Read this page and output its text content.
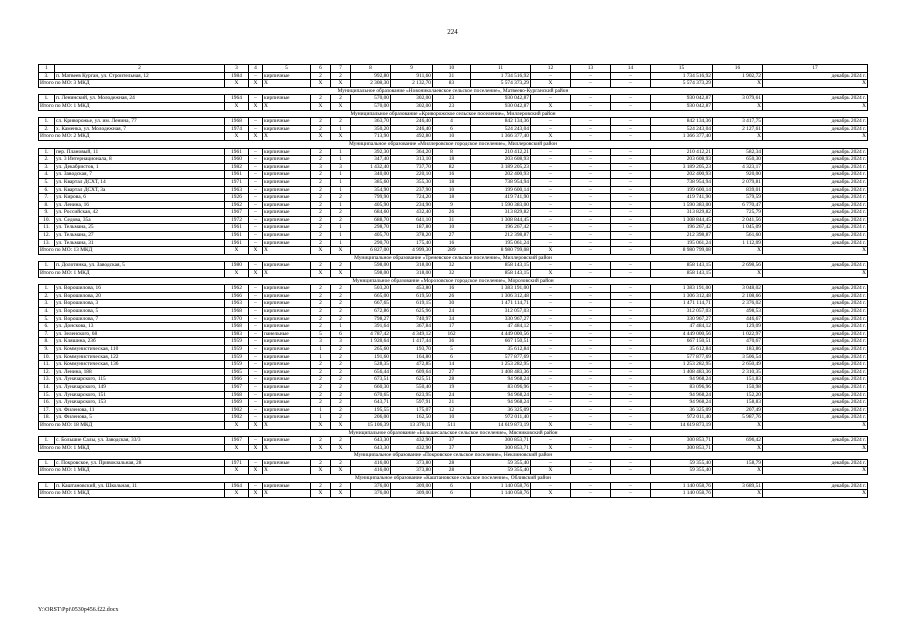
224
1	2	3	4	5	6	7	8	9	10	11	12	13	14	15	16	17
3.	п. Матвеев Курган, ул. Строительная, 12	1984	–	кирпичные	2	2	992,80	911,60	31	1 734 516,92	–	–	–	1 734 516,92	1 902,72	декабрь 2024 г.
Итого по МО: 3 МКД		X	X	X	X	X	2 308,30	2 132,70	83	5 574 373,29	X	–	–	5 574 373,29	X	X
Муниципальное образование «Новониколаевское сельское поселение», Матвеево-Курганский район																
1.	п. Ленинский, ул. Молодежная, 24	1964	–	кирпичные	2	2	570,00	302,00	23	930 042,87	–	–	–	930 042,87	3 079,61	декабрь 2024 г.
Итого по МО: 1 МКД		X	X	X	X	X	570,00	302,00	23	930 042,87	X	–	–	930 042,87	X	X
Муниципальное образование «Криворожское сельское поселение», Миллеровский район																
1.	сл. Криворожье, ул. им. Ленина, 77	1968	–	кирпичные	2	2	363,70	246,40	4	842 134,36	–	–	–	842 134,36	3 417,75	декабрь 2024 г.
2.	х. Каменка, ул. Молодежная, 7	1974	–	кирпичные	2	1	350,20	246,40	6	524 243,04	–	–	–	524 243,04	2 127,61	декабрь 2024 г.
Итого по МО: 2 МКД		X	X	X	X	X	713,90	492,80	10	1 366 377,40	X	–	–	1 366 377,40	X	X
Муниципальное образование «Миллеровское городское поселение», Миллеровский район																
1.	пер. Плановый, 11	1961	–	кирпичные	2	1	392,30	364,20	8	210 412,21	–	–	–	210 412,21	582,34	декабрь 2024 г.
2.	ул. 3 Интернационала, 8	1960	–	кирпичные	2	1	347,40	313,10	18	203 608,93	–	–	–	203 608,93	650,30	декабрь 2024 г.
3.	ул. Декабристов, 1	1982	–	кирпичные	3	3	1 432,40	737,70	82	3 189 205,23	–	–	–	3 189 205,23	4 323,17	декабрь 2024 г.
4.	ул. Заводская, 7	1961	–	кирпичные	2	1	340,00	220,10	16	202 400,93	–	–	–	202 400,93	920,00	декабрь 2024 г.
5.	ул. Квартал ДСХТ, 14	1971	–	кирпичные	2	1	385,60	355,30	18	738 954,94	–	–	–	738 954,94	2 079,81	декабрь 2024 г.
6.	ул. Квартал ДСХТ, 3а	1963	–	кирпичные	2	1	354,90	237,90	10	199 600,14	–	–	–	199 600,14	839,01	декабрь 2024 г.
7.	ул. Кирова, 6	1926	–	кирпичные	2	2	799,90	724,20	18	419 741,90	–	–	–	419 741,90	579,59	декабрь 2024 г.
8.	ул. Ленина, 16	1962	–	кирпичные	2	1	405,90	234,90	9	1 590 383,00	–	–	–	1 590 383,00	6 770,47	декабрь 2024 г.
9.	ул. Российская, 42	1967	–	кирпичные	2	2	684,60	432,40	26	313 829,82	–	–	–	313 829,82	725,79	декабрь 2024 г.
10.	ул. Седова, 35а	1972	–	кирпичные	2	2	688,70	641,10	31	1 308 844,45	–	–	–	1 308 844,45	2 041,56	декабрь 2024 г.
11.	ул. Тельмана, 25	1961	–	кирпичные	2	1	298,70	187,80	10	196 267,42	–	–	–	196 267,42	1 045,09	декабрь 2024 г.
12.	ул. Тельмана, 27	1961	–	кирпичные	2	1	405,70	378,20	27	212 398,87	–	–	–	212 398,87	561,60	декабрь 2024 г.
13.	ул. Тельмана, 31	1961	–	кирпичные	2	1	290,70	175,40	16	195 061,24	–	–	–	195 061,24	1 112,09	декабрь 2024 г.
Итого по МО: 13 МКД		X	X	X	X	X	6 827,00	4 999,30	289	8 980 799,08	X	–	–	8 980 799,08	X	X
Муниципальное образование «Треневское сельское поселение», Миллеровский район																
1.	п. Долотинка, ул. Заводская, 5	1980	–	кирпичные	2	2	598,00	318,00	32	858 143,15	–	–	–	858 143,15	2 698,56	декабрь 2024 г.
Итого по МО: 1 МКД		X	X	X	X	X	598,00	318,00	32	858 143,15	X	–	–	858 143,15	X	X
Муниципальное образование «Морозовское городское поселение», Морозовский район																
1.	ул. Ворошилова, 16	1962	–	кирпичные	2	2	503,20	453,80	16	1 383 191,00	–	–	–	1 383 191,00	3 048,02	декабрь 2024 г.
2.	ул. Ворошилова, 20	1966	–	кирпичные	2	2	665,00	619,50	26	1 306 312,48	–	–	–	1 306 312,48	2 108,66	декабрь 2024 г.
3.	ул. Ворошилова, 3	1963	–	кирпичные	2	2	667,65	619,15	30	1 471 114,71	–	–	–	1 471 114,71	2 376,02	декабрь 2024 г.
4.	ул. Ворошилова, 5	1968	–	кирпичные	2	2	672,86	625,96	24	312 057,03	–	–	–	312 057,03	498,53	декабрь 2024 г.
5.	ул. Ворошилова, 7	1970	–	кирпичные	2	2	798,27	740,97	34	330 967,27	–	–	–	330 967,27	446,67	декабрь 2024 г.
6.	ул. Донскова, 13	1968	–	кирпичные	2	1	391,64	367,84	17	47 484,12	–	–	–	47 484,12	129,09	декабрь 2024 г.
7.	ул. Зеленского, 68	1983	–	панельные	5	6	4 787,42	4 349,12	162	4 449 000,56	–	–	–	4 449 000,56	1 022,97	декабрь 2024 г.
8.	ул. Кляшина, 23б	1959	–	кирпичные	3	3	1 928,64	1 417,44	36	667 150,51	–	–	–	667 150,51	470,67	декабрь 2024 г.
9.	ул. Коммунистическая, 110	1959	–	кирпичные	1	2	265,60	193,70	5	35 612,84	–	–	–	35 612,84	183,86	декабрь 2024 г.
10.	ул. Коммунистическая, 122	1959	–	кирпичные	1	2	191,60	164,80	6	577 877,69	–	–	–	577 877,69	3 506,54	декабрь 2024 г.
11.	ул. Коммунистическая, 136	1959	–	кирпичные	2	2	528,35	472,85	14	1 253 282,95	–	–	–	1 253 282,95	2 650,49	декабрь 2024 г.
12.	ул. Ленина, 188	1965	–	кирпичные	2	2	656,44	609,64	27	1 408 483,36	–	–	–	1 408 483,36	2 310,35	декабрь 2024 г.
13.	ул. Луначарского, 115	1966	–	кирпичные	2	2	673,51	625,51	28	94 968,24	–	–	–	94 968,24	151,83	декабрь 2024 г.
14.	ул. Луначарского, 149	1967	–	кирпичные	2	2	660,30	550,40	19	83 096,96	–	–	–	83 096,96	150,98	декабрь 2024 г.
15.	ул. Луначарского, 151	1968	–	кирпичные	2	2	670,65	623,95	24	94 968,24	–	–	–	94 968,24	152,20	декабрь 2024 г.
16.	ул. Луначарского, 153	1969	–	кирпичные	2	2	643,71	597,91	21	94 968,24	–	–	–	94 968,24	158,83	декабрь 2024 г.
17.	ул. Филенова, 11	1902	–	кирпичные	1	2	195,55	175,07	12	36 325,09	–	–	–	36 325,09	207,49	декабрь 2024 г.
18.	ул. Филенова, 5	1902	–	кирпичные	1	2	206,00	162,50	10	972 011,40	–	–	–	972 011,40	5 987,76	декабрь 2024 г.
Итого по МО: 18 МКД		X	X	X	X	X	15 106,39	13 370,11	511	14 619 873,19	X	–	–	14 619 873,19	X	X
Муниципальное образование «Большесальское сельское поселение», Мясниковский район																
1.	с. Большие Салы, ул. Заводская, 33/3	1967	–	кирпичные	2	2	643,30	432,90	37	300 853,71	–	–	–	300 853,71	696,42	декабрь 2024 г.
Итого по МО: 1 МКД		X	X	X	X	X	643,30	432,90	37	300 853,71	X	–	–	300 853,71	X	X
Муниципальное образование «Покровское сельское поселение», Неклиновский район																
1.	с. Покровское, ул. Привокзальная, 28	1971	–	кирпичные	2	2	416,00	373,80	28	59 355,40	–	–	–	59 355,40	158,79	декабрь 2024 г.
Итого по МО: 1 МКД		X	X	X	X	X	416,00	373,80	28	59 355,40	X	–	–	59 355,40	X	X
Муниципальное образование «Каштановское сельское поселение», Обливский район																
1.	п. Каштановский, ул. Школьная, 11	1964	–	кирпичные	2	2	376,00	309,00	6	1 140 058,76	–	–	–	1 140 058,76	3 689,51	декабрь 2024 г.
Итого по МО: 1 МКД		X	X	X	X	X	376,00	309,00	6	1 140 058,76	X	–	–	1 140 058,76	X	X
Y:\ORST\Ppi\0530p456.f22.docx
